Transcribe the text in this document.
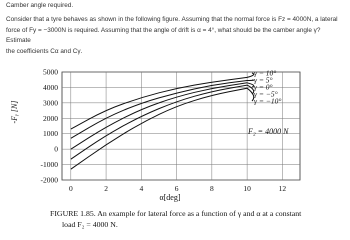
Camber angle required.

Consider that a tyre behaves as shown in the following figure. Assuming that the normal force is Fz = 4000N, a lateral

force of Fy = −3000N is required. Assuming that the angle of drift is α = 4°, what should be the camber angle γ? Estimate

the coefficients Cα and Cγ.

0	2	4	6	8	10	12
5000
4000
3000
2000
1000
0
-1000
-2000
γ = 10°
γ = 5°
γ = 0°
γ = −5°
γ = −10°
-Fᵧ [N]
α[deg]
F₂ = 4000 N

FIGURE 1.85. An example for lateral force as a function of γ and α at a constant

load F₂ = 4000 N.
